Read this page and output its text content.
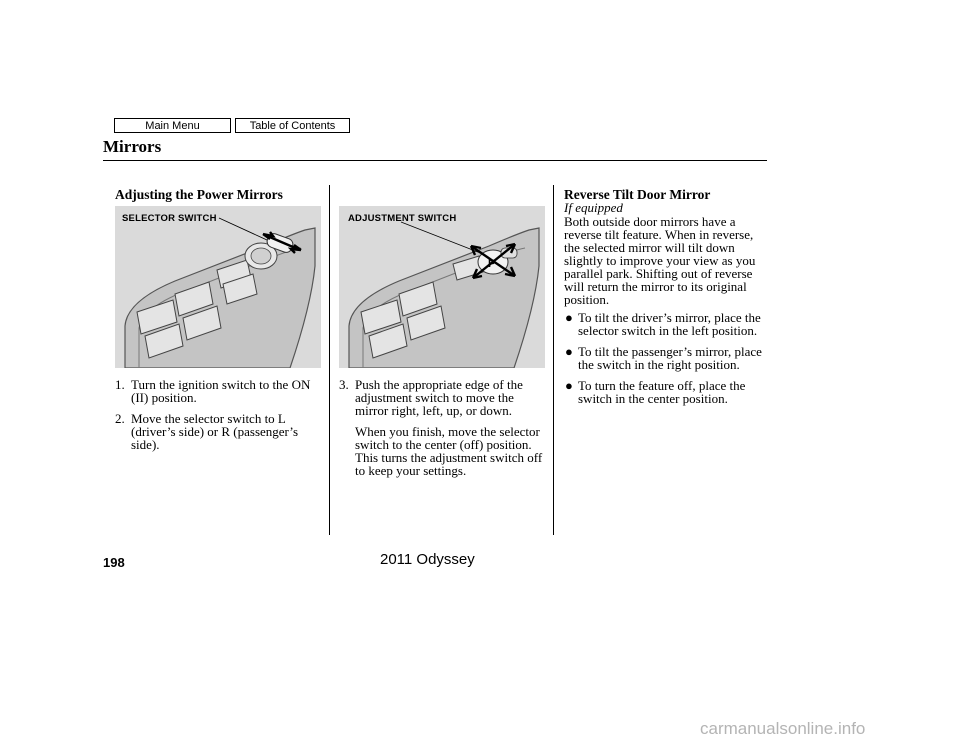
Main Menu	Table of Contents
Mirrors
Adjusting the Power Mirrors
SELECTOR SWITCH
1. Turn the ignition switch to the ON (II) position.
2. Move the selector switch to L (driver’s side) or R (passenger’s side).
P
ADJUSTMENT SWITCH
3. Push the appropriate edge of the adjustment switch to move the mirror right, left, up, or down.

When you finish, move the selector switch to the center (off) position. This turns the adjustment switch off to keep your settings.

Reverse Tilt Door Mirror
If equipped

Both outside door mirrors have a reverse tilt feature. When in reverse, the selected mirror will tilt down slightly to improve your view as you parallel park. Shifting out of reverse will return the mirror to its original position.

● To tilt the driver’s mirror, place the selector switch in the left position.
● To tilt the passenger’s mirror, place the switch in the right position.
● To turn the feature off, place the switch in the center position.
198	2011 Odyssey
carmanualsonline.info
